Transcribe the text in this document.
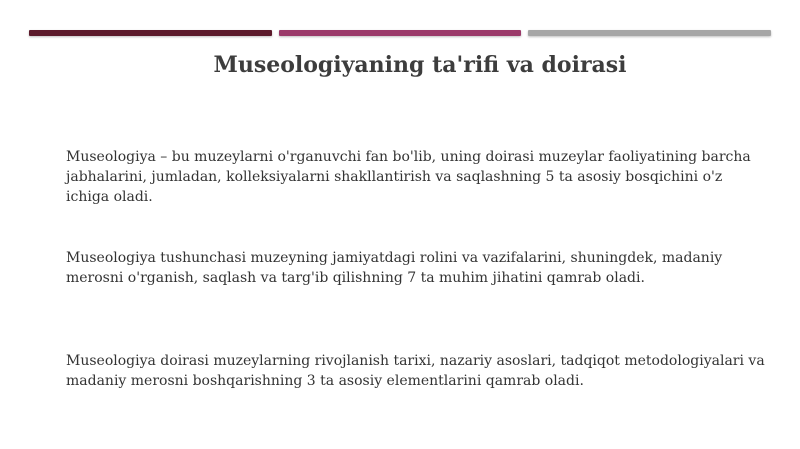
Museologiyaning ta'rifi va doirasi
Museologiya – bu muzeylarni o'rganuvchi fan bo'lib, uning doirasi muzeylar faoliyatining barcha jabhalarini, jumladan, kolleksiyalarni shakllantirish va saqlashning 5 ta asosiy bosqichini o'z ichiga oladi.
Museologiya tushunchasi muzeyning jamiyatdagi rolini va vazifalarini, shuningdek, madaniy merosni o'rganish, saqlash va targ'ib qilishning 7 ta muhim jihatini qamrab oladi.
Museologiya doirasi muzeylarning rivojlanish tarixi, nazariy asoslari, tadqiqot metodologiyalari va madaniy merosni boshqarishning 3 ta asosiy elementlarini qamrab oladi.
